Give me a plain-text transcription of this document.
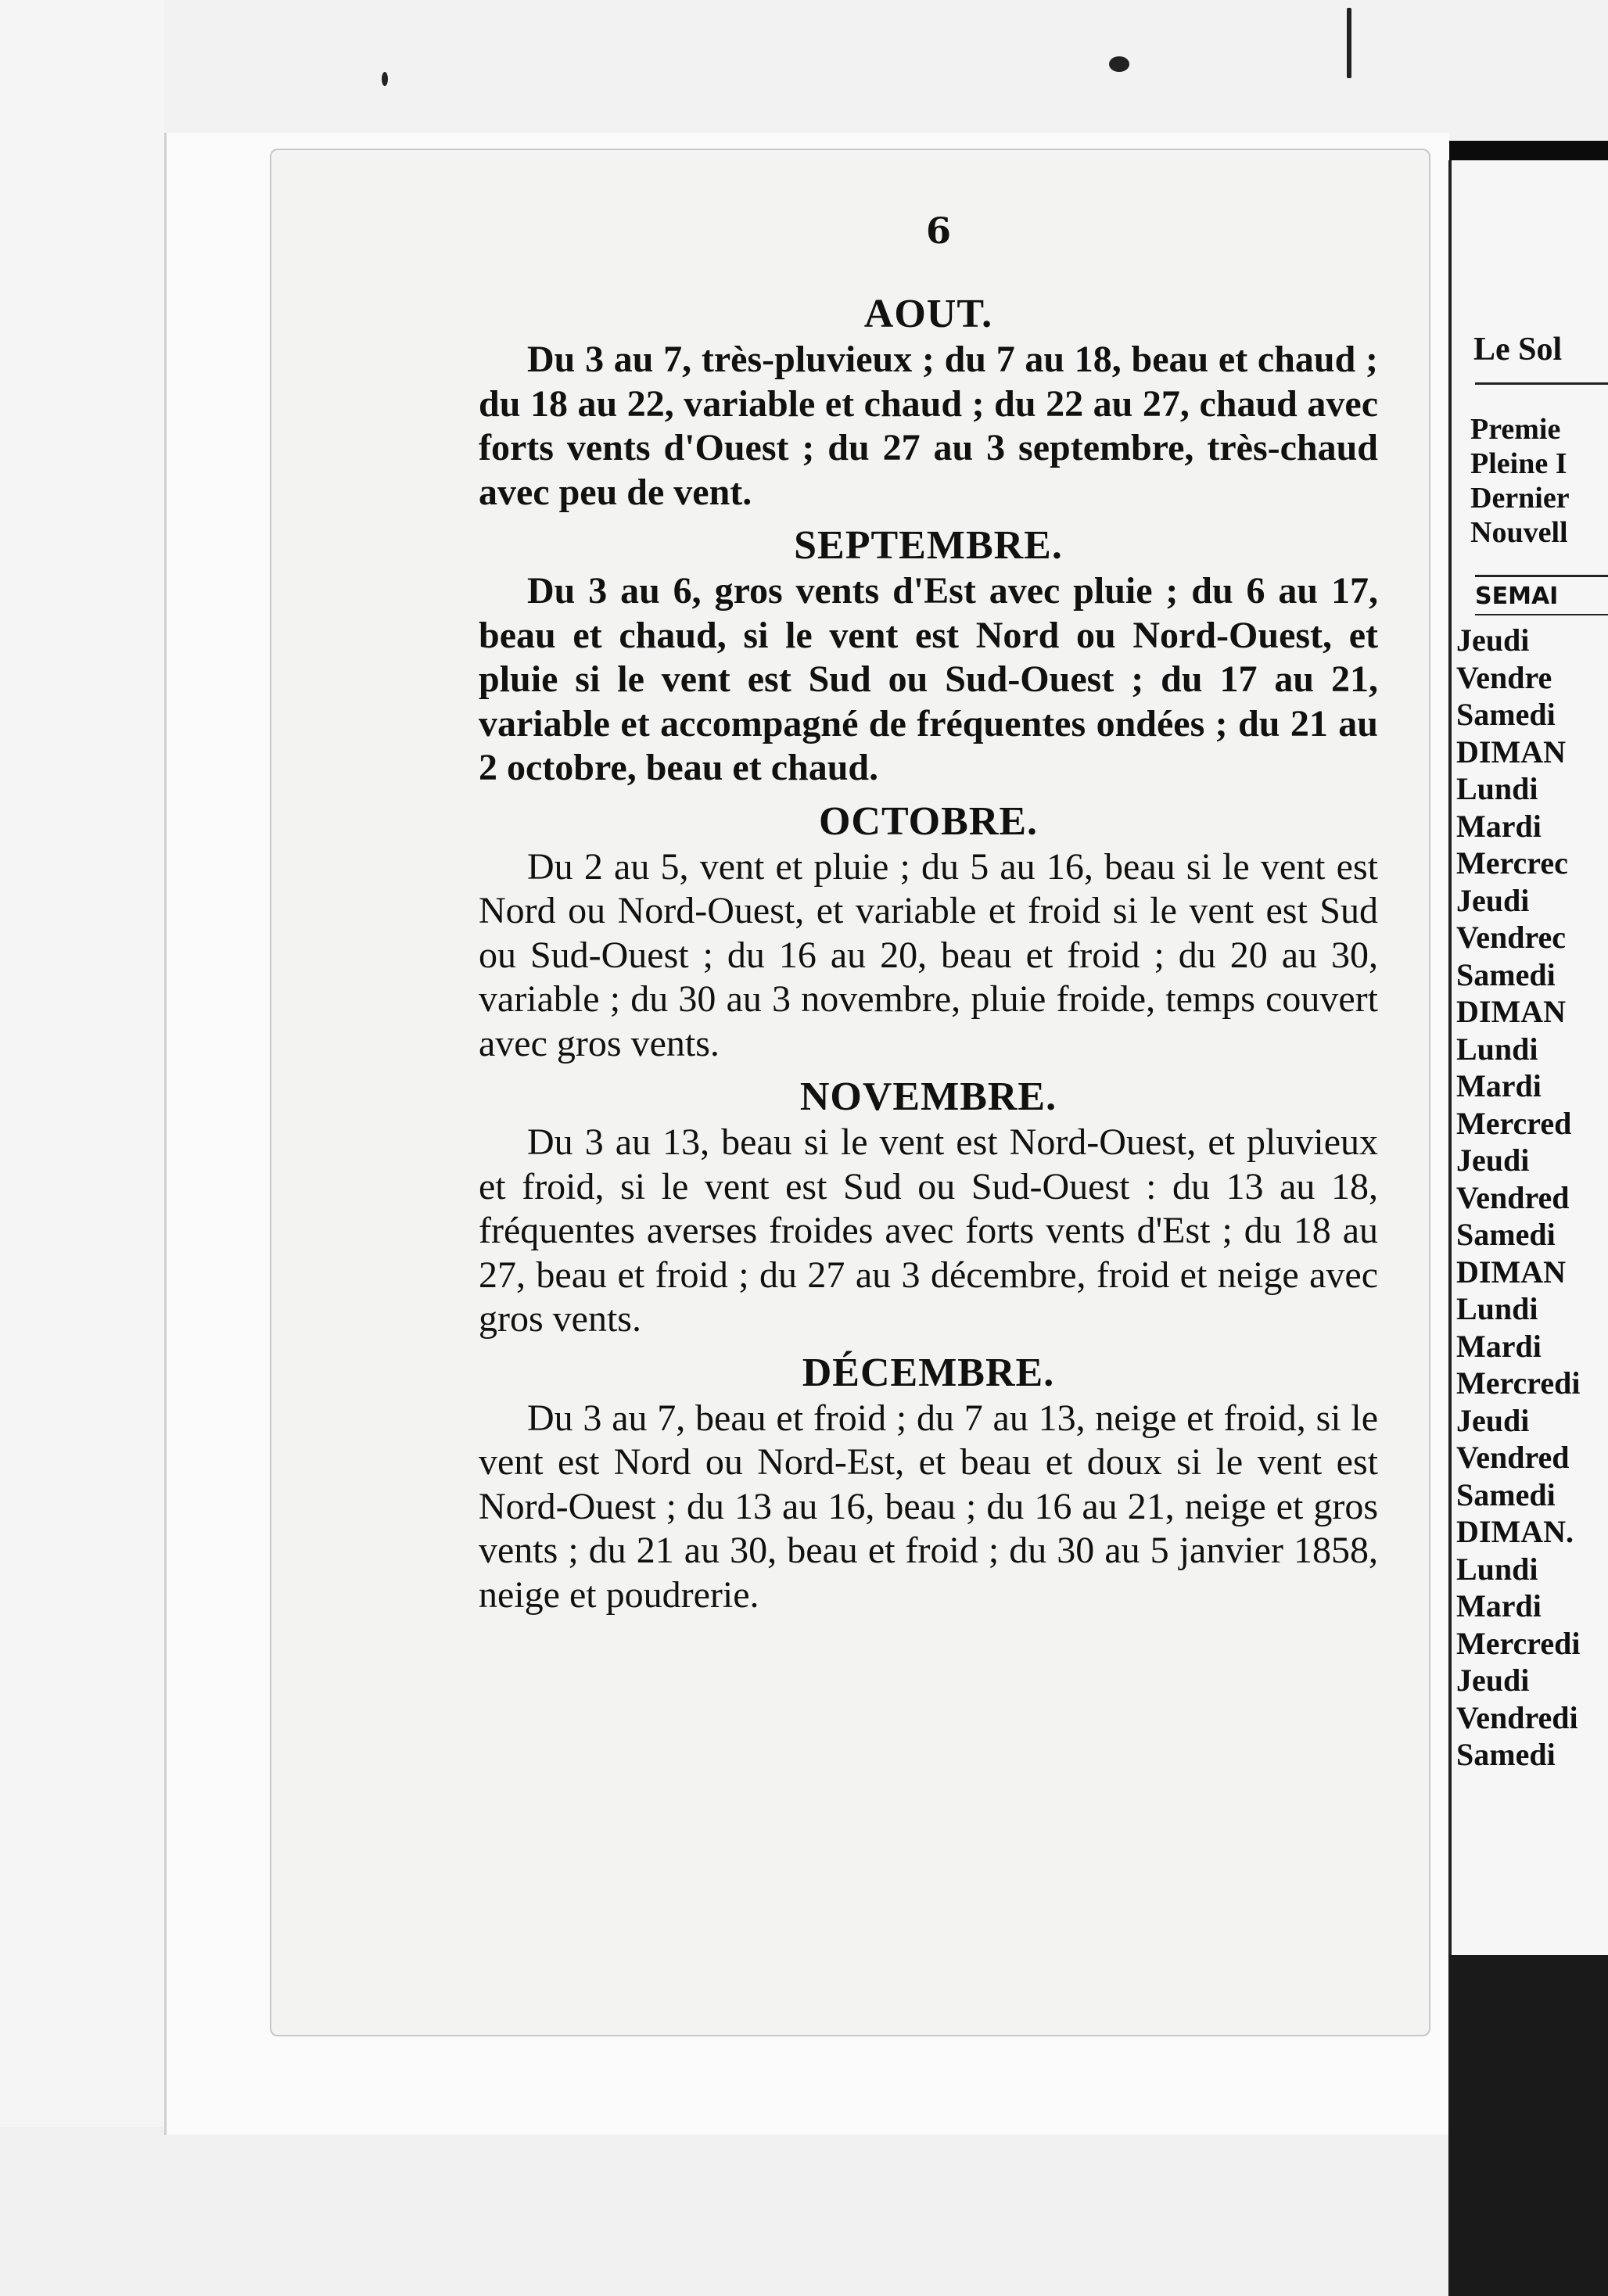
6
AOUT.

Du 3 au 7, très-pluvieux ; du 7 au 18, beau et chaud ; du 18 au 22, variable et chaud ; du 22 au 27, chaud avec forts vents d'Ouest ; du 27 au 3 septembre, très-chaud avec peu de vent.

SEPTEMBRE.

Du 3 au 6, gros vents d'Est avec pluie ; du 6 au 17, beau et chaud, si le vent est Nord ou Nord-Ouest, et pluie si le vent est Sud ou Sud-Ouest ; du 17 au 21, variable et accompagné de fréquentes ondées ; du 21 au 2 octobre, beau et chaud.

OCTOBRE.

Du 2 au 5, vent et pluie ; du 5 au 16, beau si le vent est Nord ou Nord-Ouest, et variable et froid si le vent est Sud ou Sud-Ouest ; du 16 au 20, beau et froid ; du 20 au 30, variable ; du 30 au 3 novembre, pluie froide, temps couvert avec gros vents.

NOVEMBRE.

Du 3 au 13, beau si le vent est Nord-Ouest, et pluvieux et froid, si le vent est Sud ou Sud-Ouest : du 13 au 18, fréquentes averses froides avec forts vents d'Est ; du 18 au 27, beau et froid ; du 27 au 3 décembre, froid et neige avec gros vents.

DÉCEMBRE.

Du 3 au 7, beau et froid ; du 7 au 13, neige et froid, si le vent est Nord ou Nord-Est, et beau et doux si le vent est Nord-Ouest ; du 13 au 16, beau ; du 16 au 21, neige et gros vents ; du 21 au 30, beau et froid ; du 30 au 5 janvier 1858, neige et poudrerie.

Le Sol
Premie
Pleine I
Dernier
Nouvell
SEMAI
Jeudi
Vendre
Samedi
DIMAN
Lundi
Mardi
Mercrec
Jeudi
Vendrec
Samedi
DIMAN
Lundi
Mardi
Mercred
Jeudi
Vendred
Samedi
DIMAN
Lundi
Mardi
Mercredi
Jeudi
Vendred
Samedi
DIMAN.
Lundi
Mardi
Mercredi
Jeudi
Vendredi
Samedi
